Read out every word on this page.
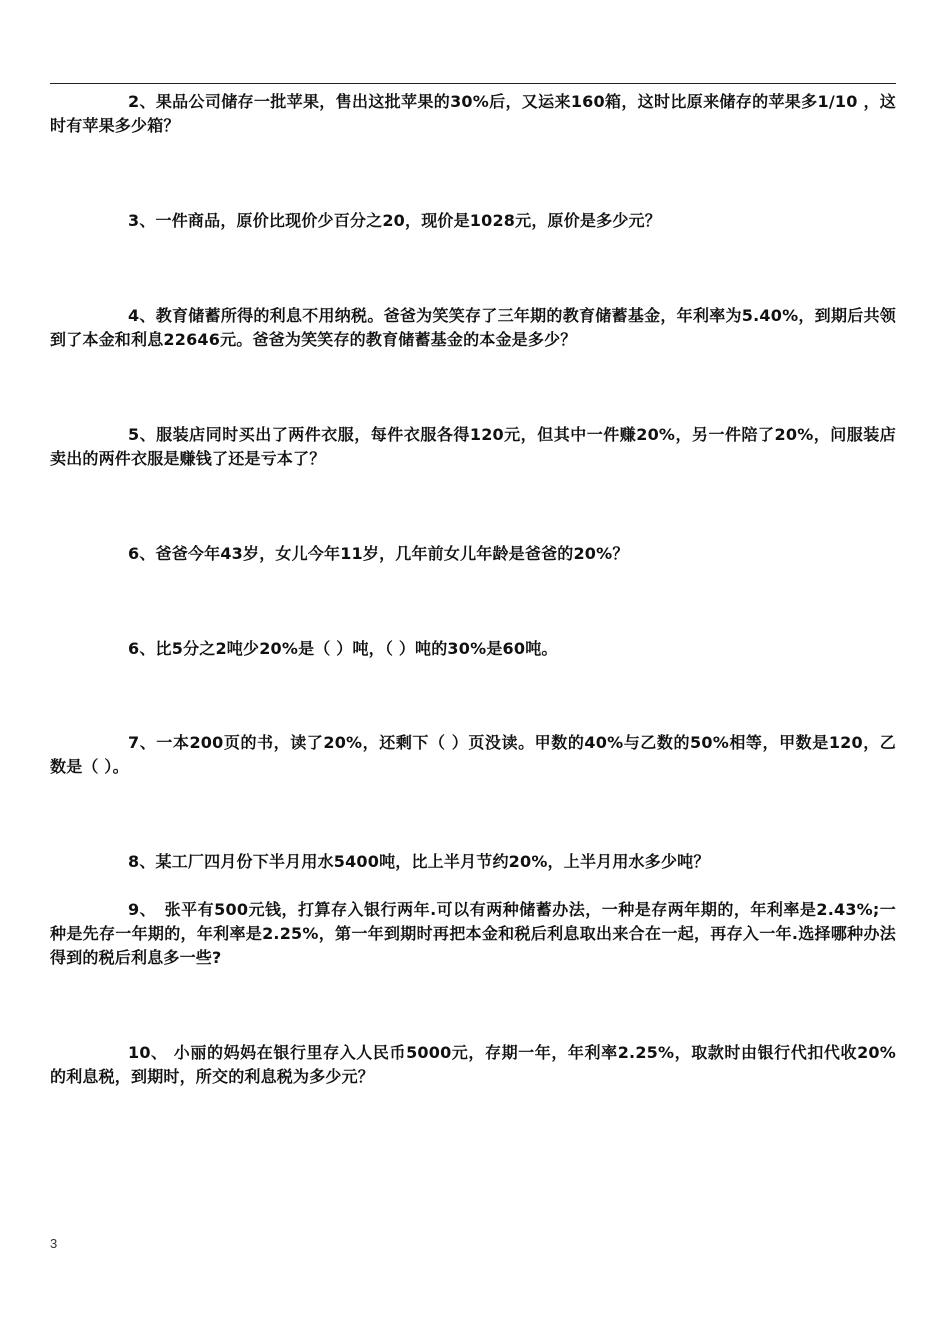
2、果品公司储存一批苹果，售出这批苹果的30%后，又运来160箱，这时比原来储存的苹果多1/10 ，这时有苹果多少箱？

3、一件商品，原价比现价少百分之20，现价是1028元，原价是多少元？

4、教育储蓄所得的利息不用纳税。爸爸为笑笑存了三年期的教育储蓄基金，年利率为5.40%，到期后共领到了本金和利息22646元。爸爸为笑笑存的教育储蓄基金的本金是多少？

5、服装店同时买出了两件衣服，每件衣服各得120元，但其中一件赚20%，另一件陪了20%，问服装店卖出的两件衣服是赚钱了还是亏本了？

6、爸爸今年43岁，女儿今年11岁，几年前女儿年龄是爸爸的20%？

6、比5分之2吨少20%是（ ）吨，（ ）吨的30%是60吨。

7、一本200页的书，读了20%，还剩下（ ）页没读。甲数的40%与乙数的50%相等，甲数是120，乙数是（ ）。

8、某工厂四月份下半月用水5400吨，比上半月节约20%，上半月用水多少吨？

9、　张平有500元钱，打算存入银行两年.可以有两种储蓄办法，一种是存两年期的，年利率是2.43%;一种是先存一年期的，年利率是2.25%，第一年到期时再把本金和税后利息取出来合在一起，再存入一年.选择哪种办法得到的税后利息多一些?

10、 小丽的妈妈在银行里存入人民币5000元，存期一年，年利率2.25%，取款时由银行代扣代收20%的利息税，到期时，所交的利息税为多少元？

3
